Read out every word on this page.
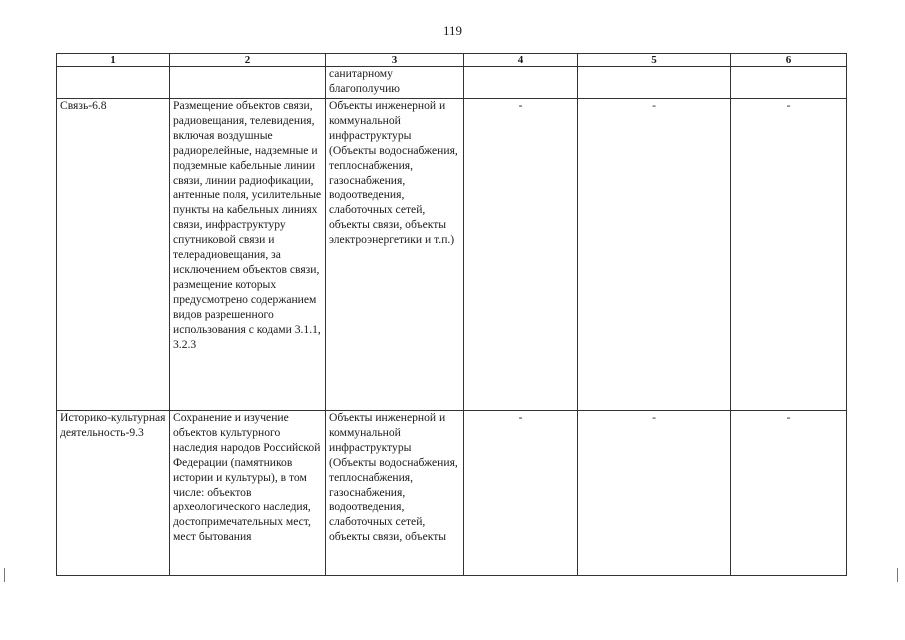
119
1	2	3	4	5	6
		санитарному благополучию			
Связь-6.8	Размещение объектов связи, радиовещания, телевидения, включая воздушные радиорелейные, надземные и подземные кабельные линии связи, линии радиофикации, антенные поля, усилительные пункты на кабельных линиях связи, инфраструктуру спутниковой связи и телерадиовещания, за исключением объектов связи, размещение которых предусмотрено содержанием видов разрешенного использования с кодами 3.1.1, 3.2.3	Объекты инженерной и коммунальной инфраструктуры (Объекты водоснабжения, теплоснабжения, газоснабжения, водоотведения, слаботочных сетей, объекты связи, объекты электроэнергетики и т.п.)	-	-	-
Историко-культурная деятельность-9.3	Сохранение и изучение объектов культурного наследия народов Российской Федерации (памятников истории и культуры), в том числе: объектов археологического наследия, достопримечательных мест, мест бытования	Объекты инженерной и коммунальной инфраструктуры (Объекты водоснабжения, теплоснабжения, газоснабжения, водоотведения, слаботочных сетей, объекты связи, объекты	-	-	-
